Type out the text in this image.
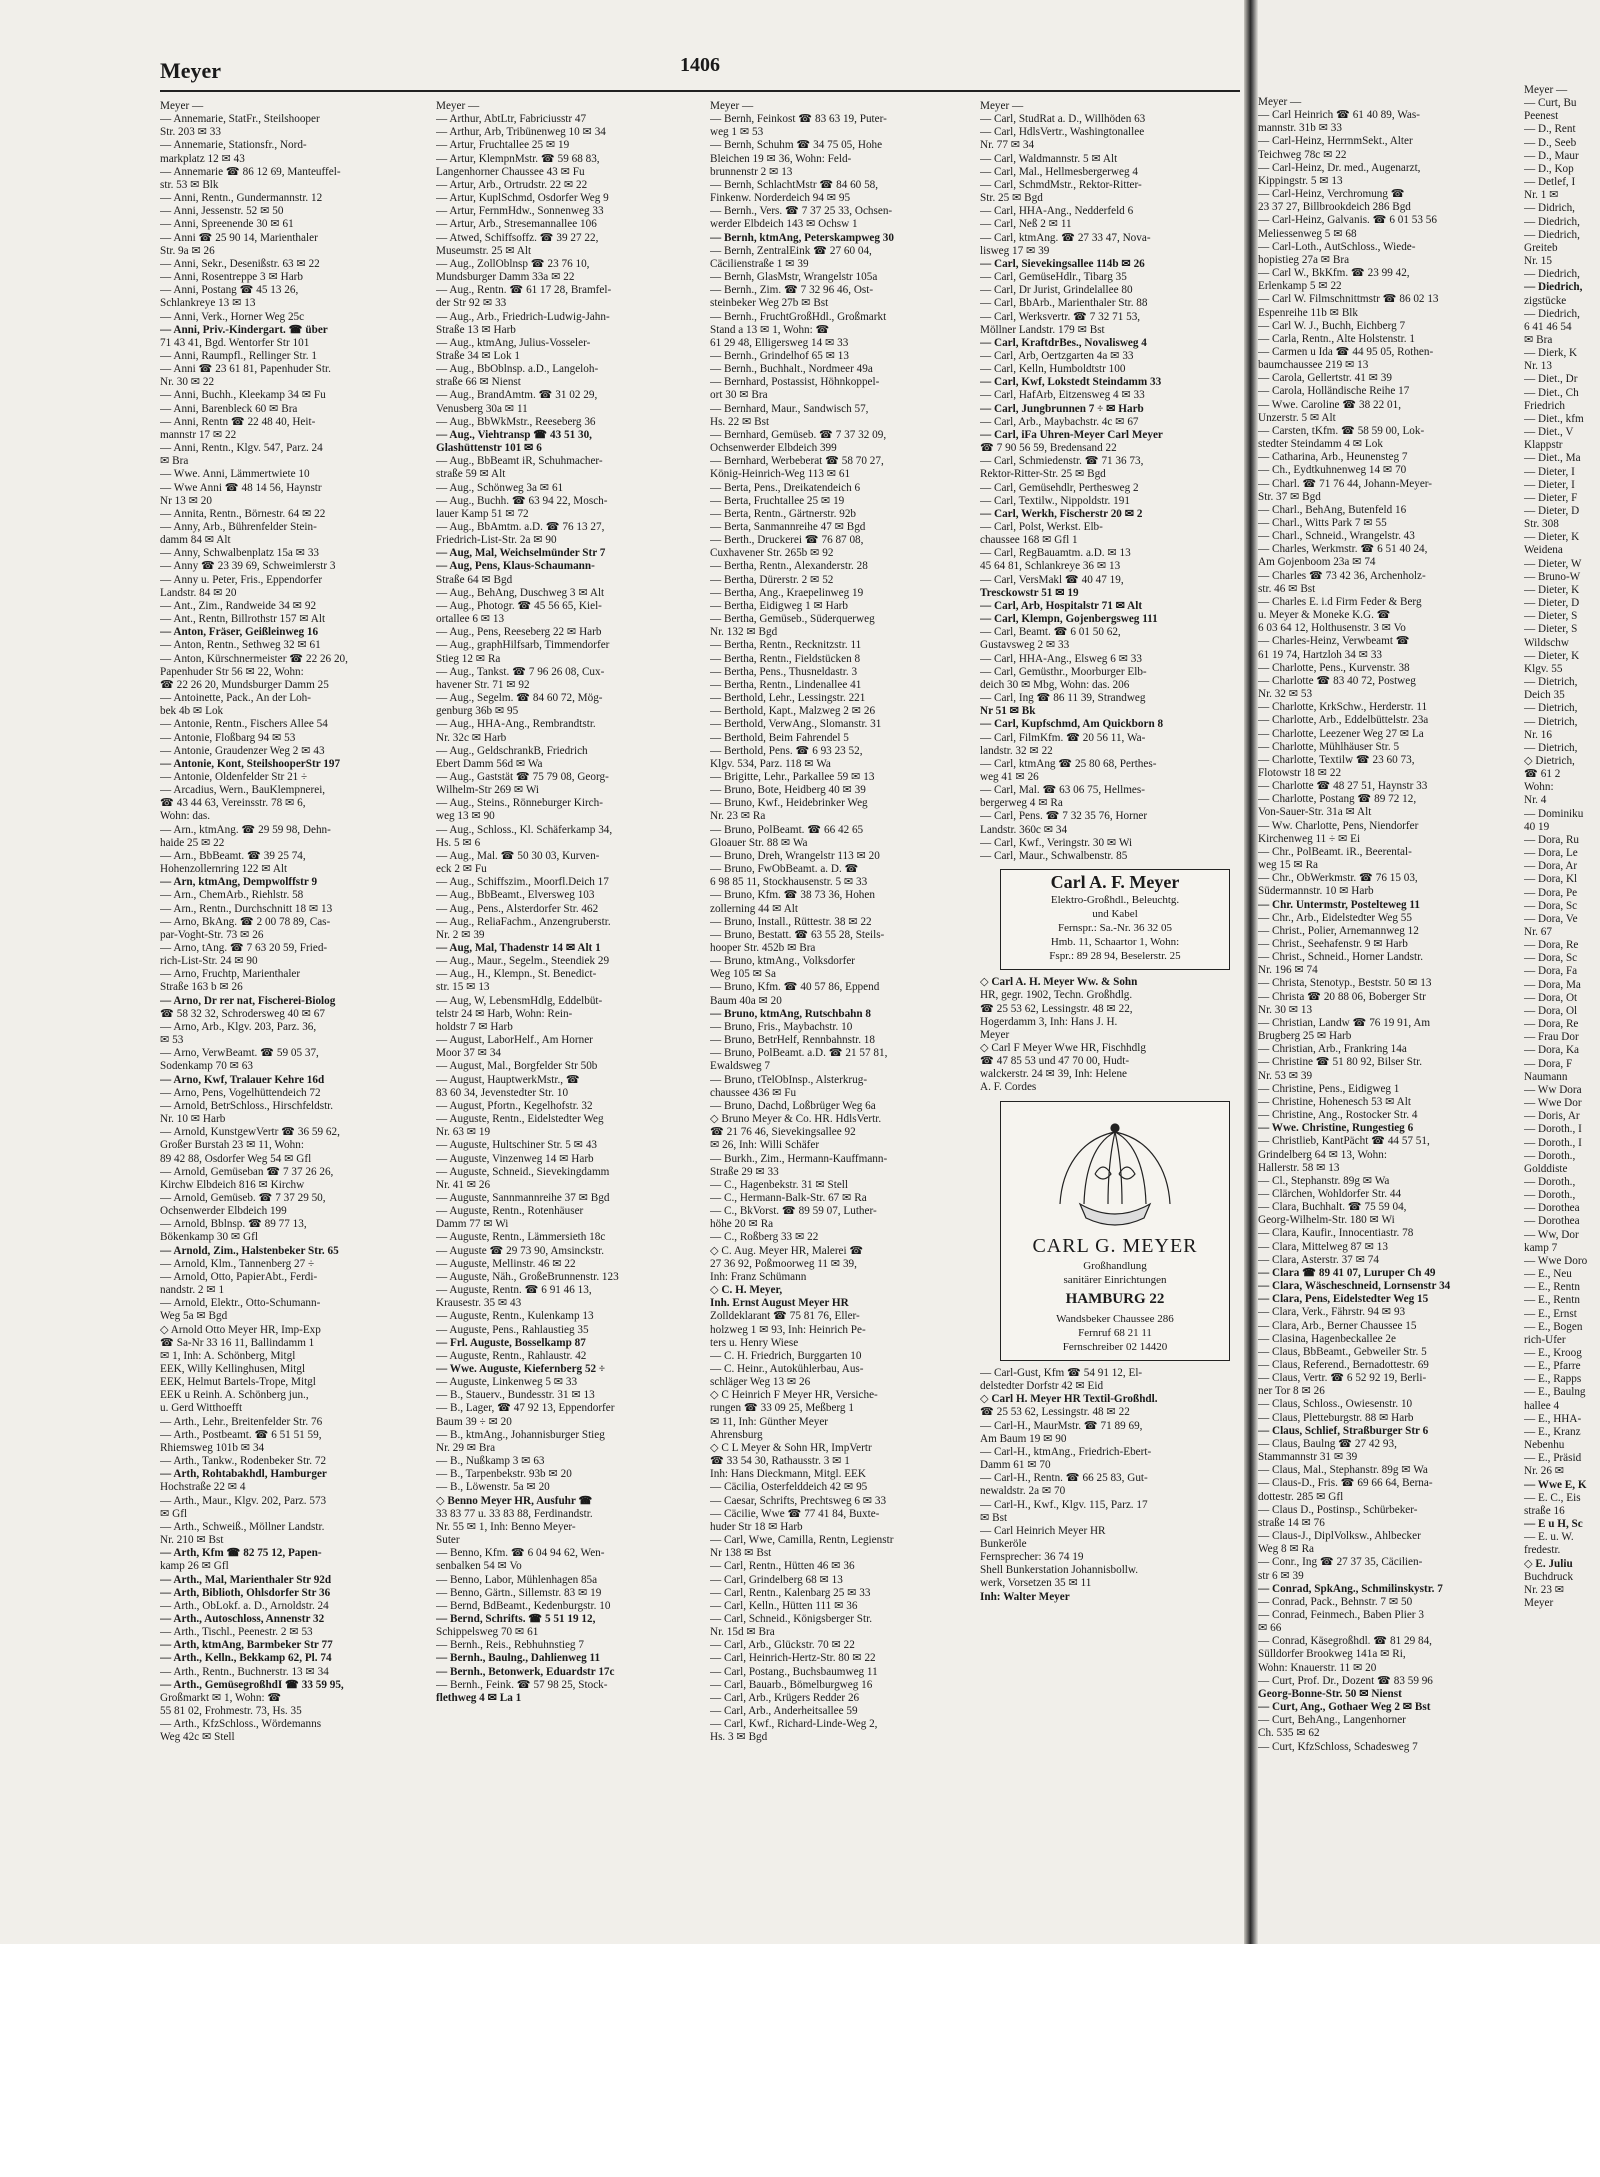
Meyer	1406
Meyer —
— Annemarie, StatFr., Steilshooper
Str. 203 ✉ 33
— Annemarie, Stationsfr., Nord-
markplatz 12 ✉ 43
— Annemarie ☎ 86 12 69, Manteuffel-
str. 53 ✉ Blk
— Anni, Rentn., Gundermannstr. 12
— Anni, Jessenstr. 52 ✉ 50
— Anni, Spreenende 30 ✉ 61
— Anni ☎ 25 90 14, Marienthaler
Str. 9a ✉ 26
— Anni, Sekr., Desenißstr. 63 ✉ 22
— Anni, Rosentreppe 3 ✉ Harb
— Anni, Postang ☎ 45 13 26,
Schlankreye 13 ✉ 13
— Anni, Verk., Horner Weg 25c
— Anni, Priv.-Kindergart. ☎ über
71 43 41, Bgd. Wentorfer Str 101
— Anni, Raumpfl., Rellinger Str. 1
— Anni ☎ 23 61 81, Papenhuder Str.
Nr. 30 ✉ 22
— Anni, Buchh., Kleekamp 34 ✉ Fu
— Anni, Barenbleck 60 ✉ Bra
— Anni, Rentn ☎ 22 48 40, Heit-
mannstr 17 ✉ 22
— Anni, Rentn., Klgv. 547, Parz. 24
✉ Bra
— Wwe. Anni, Lämmertwiete 10
— Wwe Anni ☎ 48 14 56, Haynstr
Nr 13 ✉ 20
— Annita, Rentn., Börnestr. 64 ✉ 22
— Anny, Arb., Bührenfelder Stein-
damm 84 ✉ Alt
— Anny, Schwalbenplatz 15a ✉ 33
— Anny ☎ 23 39 69, Schweimlerstr 3
— Anny u. Peter, Fris., Eppendorfer
Landstr. 84 ✉ 20
— Ant., Zim., Randweide 34 ✉ 92
— Ant., Rentn, Billrothstr 157 ✉ Alt
— Anton, Fräser, Geißleinweg 16
— Anton, Rentn., Sethweg 32 ✉ 61
— Anton, Kürschnermeister ☎ 22 26 20,
Papenhuder Str 56 ✉ 22, Wohn:
☎ 22 26 20, Mundsburger Damm 25
— Antoinette, Pack., An der Loh-
bek 4b ✉ Lok
— Antonie, Rentn., Fischers Allee 54
— Antonie, Floßbarg 94 ✉ 53
— Antonie, Graudenzer Weg 2 ✉ 43
— Antonie, Kont, SteilshooperStr 197
— Antonie, Oldenfelder Str 21 ÷
— Arcadius, Wern., BauKlempnerei,
☎ 43 44 63, Vereinsstr. 78 ✉ 6,
Wohn: das.
— Arn., ktmAng. ☎ 29 59 98, Dehn-
haide 25 ✉ 22
— Arn., BbBeamt. ☎ 39 25 74,
Hohenzollernring 122 ✉ Alt
— Arn, ktmAng, Dempwolffstr 9
— Arn., ChemArb., Riehlstr. 58
— Arn., Rentn., Durchschnitt 18 ✉ 13
— Arno, BkAng. ☎ 2 00 78 89, Cas-
par-Voght-Str. 73 ✉ 26
— Arno, tAng. ☎ 7 63 20 59, Fried-
rich-List-Str. 24 ✉ 90
— Arno, Fruchtp, Marienthaler
Straße 163 b ✉ 26
— Arno, Dr rer nat, Fischerei-Biolog
☎ 58 32 32, Schrodersweg 40 ✉ 67
— Arno, Arb., Klgv. 203, Parz. 36,
✉ 53
— Arno, VerwBeamt. ☎ 59 05 37,
Sodenkamp 70 ✉ 63
— Arno, Kwf, Tralauer Kehre 16d
— Arno, Pens, Vogelhüttendeich 72
— Arnold, BetrSchloss., Hirschfeldstr.
Nr. 10 ✉ Harb
— Arnold, KunstgewVertr ☎ 36 59 62,
Großer Burstah 23 ✉ 11, Wohn:
89 42 88, Osdorfer Weg 54 ✉ Gfl
— Arnold, Gemüseban ☎ 7 37 26 26,
Kirchw Elbdeich 816 ✉ Kirchw
— Arnold, Gemüseb. ☎ 7 37 29 50,
Ochsenwerder Elbdeich 199
— Arnold, Bblnsp. ☎ 89 77 13,
Bökenkamp 30 ✉ Gfl
— Arnold, Zim., Halstenbeker Str. 65
— Arnold, Klm., Tannenberg 27 ÷
— Arnold, Otto, PapierAbt., Ferdi-
nandstr. 2 ✉ 1
— Arnold, Elektr., Otto-Schumann-
Weg 5a ✉ Bgd
◇ Arnold Otto Meyer HR, Imp-Exp
☎ Sa-Nr 33 16 11, Ballindamm 1
✉ 1, Inh: A. Schönberg, Mitgl
EEK, Willy Kellinghusen, Mitgl
EEK, Helmut Bartels-Trope, Mitgl
EEK u Reinh. A. Schönberg jun.,
u. Gerd Witthoefft
— Arth., Lehr., Breitenfelder Str. 76
— Arth., Postbeamt. ☎ 6 51 51 59,
Rhiemsweg 101b ✉ 34
— Arth., Tankw., Rodenbeker Str. 72
— Arth, Rohtabakhdl, Hamburger
Hochstraße 22 ✉ 4
— Arth., Maur., Klgv. 202, Parz. 573
✉ Gfl
— Arth., Schweiß., Möllner Landstr.
Nr. 210 ✉ Bst
— Arth, Kfm ☎ 82 75 12, Papen-
kamp 26 ✉ Gfl
— Arth., Mal, Marienthaler Str 92d
— Arth, Biblioth, Ohlsdorfer Str 36
— Arth., ObLokf. a. D., Arnoldstr. 24
— Arth., Autoschloss, Annenstr 32
— Arth., Tischl., Peenestr. 2 ✉ 53
— Arth, ktmAng, Barmbeker Str 77
— Arth., Kelln., Bekkamp 62, Pl. 74
— Arth., Rentn., Buchnerstr. 13 ✉ 34
— Arth., GemüsegroßhdI ☎ 33 59 95,
Großmarkt ✉ 1, Wohn: ☎
55 81 02, Frohmestr. 73, Hs. 35
— Arth., KfzSchloss., Wördemanns
Weg 42c ✉ Stell
Meyer —
— Arthur, AbtLtr, Fabriciusstr 47
— Arthur, Arb, Tribünenweg 10 ✉ 34
— Artur, Fruchtallee 25 ✉ 19
— Artur, KlempnMstr. ☎ 59 68 83,
Langenhorner Chaussee 43 ✉ Fu
— Artur, Arb., Ortrudstr. 22 ✉ 22
— Artur, KuplSchmd, Osdorfer Weg 9
— Artur, FernmHdw., Sonnenweg 33
— Artur, Arb., Stresemannallee 106
— Atwed, Schiffsoffz. ☎ 39 27 22,
Museumstr. 25 ✉ Alt
— Aug., ZollOblnsp ☎ 23 76 10,
Mundsburger Damm 33a ✉ 22
— Aug., Rentn. ☎ 61 17 28, Bramfel-
der Str 92 ✉ 33
— Aug., Arb., Friedrich-Ludwig-Jahn-
Straße 13 ✉ Harb
— Aug., ktmAng, Julius-Vosseler-
Straße 34 ✉ Lok 1
— Aug., BbOblnsp. a.D., Langeloh-
straße 66 ✉ Nienst
— Aug., BrandAmtm. ☎ 31 02 29,
Venusberg 30a ✉ 11
— Aug., BbWkMstr., Reeseberg 36
— Aug., Viehtransp ☎ 43 51 30,
Glashüttenstr 101 ✉ 6
— Aug., BbBeamt iR, Schuhmacher-
straße 59 ✉ Alt
— Aug., Schönweg 3a ✉ 61
— Aug., Buchh. ☎ 63 94 22, Mosch-
lauer Kamp 51 ✉ 72
— Aug., BbAmtm. a.D. ☎ 76 13 27,
Friedrich-List-Str. 2a ✉ 90
— Aug, Mal, Weichselmünder Str 7
— Aug, Pens, Klaus-Schaumann-
Straße 64 ✉ Bgd
— Aug., BehAng, Duschweg 3 ✉ Alt
— Aug., Photogr. ☎ 45 56 65, Kiel-
ortallee 6 ✉ 13
— Aug., Pens, Reeseberg 22 ✉ Harb
— Aug., graphHilfsarb, Timmendorfer
Stieg 12 ✉ Ra
— Aug., Tankst. ☎ 7 96 26 08, Cux-
havener Str. 71 ✉ 92
— Aug., Segelm. ☎ 84 60 72, Mög-
genburg 36b ✉ 95
— Aug., HHA-Ang., Rembrandtstr.
Nr. 32c ✉ Harb
— Aug., GeldschrankB, Friedrich
Ebert Damm 56d ✉ Wa
— Aug., Gaststät ☎ 75 79 08, Georg-
Wilhelm-Str 269 ✉ Wi
— Aug., Steins., Rönneburger Kirch-
weg 13 ✉ 90
— Aug., Schloss., Kl. Schäferkamp 34,
Hs. 5 ✉ 6
— Aug., Mal. ☎ 50 30 03, Kurven-
eck 2 ✉ Fu
— Aug., Schiffszim., Moorfl.Deich 17
— Aug., BbBeamt., Elversweg 103
— Aug., Pens., Alsterdorfer Str. 462
— Aug., ReliaFachm., Anzengruberstr.
Nr. 2 ✉ 39
— Aug, Mal, Thadenstr 14 ✉ Alt 1
— Aug., Maur., Segelm., Steendiek 29
— Aug., H., Klempn., St. Benedict-
str. 15 ✉ 13
— Aug, W, LebensmHdlg, Eddelbüt-
telstr 24 ✉ Harb, Wohn: Rein-
holdstr 7 ✉ Harb
— August, LaborHelf., Am Horner
Moor 37 ✉ 34
— August, Mal., Borgfelder Str 50b
— August, HauptwerkMstr., ☎
83 60 34, Jevenstedter Str. 10
— August, Pfortn., Kegelhofstr. 32
— Auguste, Rentn., Eidelstedter Weg
Nr. 63 ✉ 19
— Auguste, Hultschiner Str. 5 ✉ 43
— Auguste, Vinzenweg 14 ✉ Harb
— Auguste, Schneid., Sievekingdamm
Nr. 41 ✉ 26
— Auguste, Sannmannreihe 37 ✉ Bgd
— Auguste, Rentn., Rotenhäuser
Damm 77 ✉ Wi
— Auguste, Rentn., Lämmersieth 18c
— Auguste ☎ 29 73 90, Amsinckstr.
— Auguste, Mellinstr. 46 ✉ 22
— Auguste, Näh., GroßeBrunnenstr. 123
— Auguste, Rentn. ☎ 6 91 46 13,
Krausestr. 35 ✉ 43
— Auguste, Rentn., Kulenkamp 13
— Auguste, Pens., Rahlaustieg 35
— Frl. Auguste, Bosselkamp 87
— Auguste, Rentn., Rahlaustr. 42
— Wwe. Auguste, Kiefernberg 52 ÷
— Auguste, Linkenweg 5 ✉ 33
— B., Stauerv., Bundesstr. 31 ✉ 13
— B., Lager, ☎ 47 92 13, Eppendorfer
Baum 39 ÷ ✉ 20
— B., ktmAng., Johannisburger Stieg
Nr. 29 ✉ Bra
— B., Nußkamp 3 ✉ 63
— B., Tarpenbekstr. 93b ✉ 20
— B., Löwenstr. 5a ✉ 20
◇ Benno Meyer HR, Ausfuhr ☎
33 83 77 u. 33 83 88, Ferdinandstr.
Nr. 55 ✉ 1, Inh: Benno Meyer-
Suter
— Benno, Kfm. ☎ 6 04 94 62, Wen-
senbalken 54 ✉ Vo
— Benno, Labor, Mühlenhagen 85a
— Benno, Gärtn., Sillemstr. 83 ✉ 19
— Bernd, BdBeamt., Kedenburgstr. 10
— Bernd, Schrifts. ☎ 5 51 19 12,
Schippelsweg 70 ✉ 61
— Bernh., Reis., Rebhuhnstieg 7
— Bernh., Baulng., Dahlienweg 11
— Bernh., Betonwerk, Eduardstr 17c
— Bernh., Feink. ☎ 57 98 25, Stock-
flethweg 4 ✉ La 1
Meyer —
— Bernh, Feinkost ☎ 83 63 19, Puter-
weg 1 ✉ 53
— Bernh, Schuhm ☎ 34 75 05, Hohe
Bleichen 19 ✉ 36, Wohn: Feld-
brunnenstr 2 ✉ 13
— Bernh, SchlachtMstr ☎ 84 60 58,
Finkenw. Norderdeich 94 ✉ 95
— Bernh., Vers. ☎ 7 37 25 33, Ochsen-
werder Elbdeich 143 ✉ Ochsw 1
— Bernh, ktmAng, Petersk​ampweg 30
— Bernh, ZentralEink ☎ 27 60 04,
Cäcilienstraße 1 ✉ 39
— Bernh, GlasMstr, Wrangelstr 105a
— Bernh., Zim. ☎ 7 32 96 46, Ost-
steinbeker Weg 27b ✉ Bst
— Bernh., FruchtGroßHdl., Großmarkt
Stand a 13 ✉ 1, Wohn: ☎
61 29 48, Elligersweg 14 ✉ 33
— Bernh., Grindelhof 65 ✉ 13
— Bernh., Buchhalt., Nordmeer 49a
— Bernhard, Postassist, Höhnkoppel-
ort 30 ✉ Bra
— Bernhard, Maur., Sandwisch 57,
Hs. 22 ✉ Bst
— Bernhard, Gemüseb. ☎ 7 37 32 09,
Ochsenwerder Elbdeich 399
— Bernhard, Werbeberat ☎ 58 70 27,
König-Heinrich-Weg 113 ✉ 61
— Berta, Pens., Dreikatendeich 6
— Berta, Fruchtallee 25 ✉ 19
— Berta, Rentn., Gärtnerstr. 92b
— Berta, Sanmannreihe 47 ✉ Bgd
— Berth., Druckerei ☎ 76 87 08,
Cuxhavener Str. 265b ✉ 92
— Bertha, Rentn., Alexanderstr. 28
— Bertha, Dürerstr. 2 ✉ 52
— Bertha, Ang., Kraepelinweg 19
— Bertha, Eidigweg 1 ✉ Harb
— Bertha, Gemüseb., Süderquerweg
Nr. 132 ✉ Bgd
— Bertha, Rentn., Recknitzstr. 11
— Bertha, Rentn., Fieldstücken 8
— Bertha, Pens., Thusneldastr. 3
— Bertha, Rentn., Lindenallee 41
— Berthold, Lehr., Lessingstr. 221
— Berthold, Kapt., Malzweg 2 ✉ 26
— Berthold, VerwAng., Slomanstr. 31
— Berthold, Beim Fahrendel 5
— Berthold, Pens. ☎ 6 93 23 52,
Klgv. 534, Parz. 118 ✉ Wa
— Brigitte, Lehr., Parkallee 59 ✉ 13
— Bruno, Bote, Heidberg 40 ✉ 39
— Bruno, Kwf., Heidebrinker Weg
Nr. 23 ✉ Ra
— Bruno, PolBeamt. ☎ 66 42 65
Gloauer Str. 88 ✉ Wa
— Bruno, Dreh, Wrangelstr 113 ✉ 20
— Bruno, FwObBeamt. a. D. ☎
6 98 85 11, Stockhausenstr. 5 ✉ 33
— Bruno, Kfm. ☎ 38 73 36, Hohen
zollerning 44 ✉ Alt
— Bruno, Install., Rüttestr. 38 ✉ 22
— Bruno, Bestatt. ☎ 63 55 28, Steils-
hooper Str. 452b ✉ Bra
— Bruno, ktmAng., Volksdorfer
Weg 105 ✉ Sa
— Bruno, Kfm. ☎ 40 57 86, Eppend
Baum 40a ✉ 20
— Bruno, ktmAng, Rutschbahn 8
— Bruno, Fris., Maybachstr. 10
— Bruno, BetrHelf, Rennbahnstr. 18
— Bruno, PolBeamt. a.D. ☎ 21 57 81,
Ewaldsweg 7
— Bruno, tTelObInsp., Alsterkrug-
chaussee 436 ✉ Fu
— Bruno, Dachd, Loßbrüger Weg 6a
◇ Bruno Meyer & Co. HR. HdlsVertr.
☎ 21 76 46, Sievekingsallee 92
✉ 26, Inh: Willi Schäfer
— Burkh., Zim., Hermann-Kauffmann-
Straße 29 ✉ 33
— C., Hagenbekstr. 31 ✉ Stell
— C., Hermann-Balk-Str. 67 ✉ Ra
— C., BkVorst. ☎ 89 59 07, Luther-
höhe 20 ✉ Ra
— C., Roßberg 33 ✉ 22
◇ C. Aug. Meyer HR, Malerei ☎
27 36 92, Poßmoorweg 11 ✉ 39,
Inh: Franz Schümann
◇ C. H. Meyer,
Inh. Ernst August Meyer HR
Zolldeklarant ☎ 75 81 76, Eller-
holzweg 1 ✉ 93, Inh: Heinrich Pe-
ters u. Henry Wiese
— C. H. Friedrich, Burggarten 10
— C. Heinr., Autokühlerbau, Aus-
schläger Weg 13 ✉ 26
◇ C Heinrich F Meyer HR, Versiche-
rungen ☎ 33 09 25, Meßberg 1
✉ 11, Inh: Günther Meyer
Ahrensburg
◇ C L Meyer & Sohn HR, ImpVertr
☎ 33 54 30, Rathausstr. 3 ✉ 1
Inh: Hans Dieckmann, Mitgl. EEK
— Cäcilia, Osterfelddeich 42 ✉ 95
— Caesar, Schrifts, Prechtsweg 6 ✉ 33
— Cäcilie, Wwe ☎ 77 41 84, Buxte-
huder Str 18 ✉ Harb
— Carl, Wwe, Camilla, Rentn, Legienstr
Nr 138 ✉ Bst
— Carl, Rentn., Hütten 46 ✉ 36
— Carl, Grindelberg 68 ✉ 13
— Carl, Rentn., Kalenbarg 25 ✉ 33
— Carl, Kelln., Hütten 111 ✉ 36
— Carl, Schneid., Königsberger Str.
Nr. 15d ✉ Bra
— Carl, Arb., Glückstr. 70 ✉ 22
— Carl, Heinrich-Hertz-Str. 80 ✉ 22
— Carl, Postang., Buchsbaumweg 11
— Carl, Bauarb., Bömelburgweg 16
— Carl, Arb., Krügers Redder 26
— Carl, Arb., Anderheitsallee 59
— Carl, Kwf., Richard-Linde-Weg 2,
Hs. 3 ✉ Bgd
Meyer —
— Carl, StudRat a. D., Willhöden 63
— Carl, HdlsVertr., Washingtonallee
Nr. 77 ✉ 34
— Carl, Waldmannstr. 5 ✉ Alt
— Carl, Mal., Hellmesbergerweg 4
— Carl, SchmdMstr., Rektor-Ritter-
Str. 25 ✉ Bgd
— Carl, HHA-Ang., Nedderfeld 6
— Carl, Neß 2 ✉ 11
— Carl, ktmAng. ☎ 27 33 47, Nova-
lisweg 17 ✉ 39
— Carl, Sievekingsallee 114b ✉ 26
— Carl, GemüseHdlr., Tibarg 35
— Carl, Dr Jurist, Grindelallee 80
— Carl, BbArb., Marienthaler Str. 88
— Carl, Werksvertr. ☎ 7 32 71 53,
Möllner Landstr. 179 ✉ Bst
— Carl, KraftdrBes., Novalisweg 4
— Carl, Arb, Oertzgarten 4a ✉ 33
— Carl, Kelln, Humboldtstr 100
— Carl, Kwf, Lokstedt Steindamm 33
— Carl, HafArb, Eitzensweg 4 ✉ 33
— Carl, Jungbrunnen 7 ÷ ✉ Harb
— Carl, Arb., Maybachstr. 4c ✉ 67
— Carl, iFa Uhren-Meyer Carl Meyer
☎ 7 90 56 59, Bredensand 22
— Carl, Schmiedenstr. ☎ 71 36 73,
Rektor-Ritter-Str. 25 ✉ Bgd
— Carl, Gemüsehdlr, Perthesweg 2
— Carl, Textilw., Nippoldstr. 191
— Carl, Werkh, Fischerstr 20 ✉ 2
— Carl, Polst, Werkst. Elb-
chaussee 168 ✉ Gfl 1
— Carl, RegBauamtm. a.D. ✉ 13
45 64 81, Schlankreye 36 ✉ 13
— Carl, VersMakl ☎ 40 47 19,
Tresckowstr 51 ✉ 19
— Carl, Arb, Hospitalstr 71 ✉ Alt
— Carl, Klempn, Gojenbergsweg 111
— Carl, Beamt. ☎ 6 01 50 62,
Gustavsweg 2 ✉ 33
— Carl, HHA-Ang., Elsweg 6 ✉ 33
— Carl, Gemüsthr., Moorburger Elb-
deich 30 ✉ Mbg, Wohn: das. 206
— Carl, Ing ☎ 86 11 39, Strandweg
Nr 51 ✉ Bk
— Carl, Kupfschmd, Am Quickborn 8
— Carl, FilmKfm. ☎ 20 56 11, Wa-
landstr. 32 ✉ 22
— Carl, ktmAng ☎ 25 80 68, Perthes-
weg 41 ✉ 26
— Carl, Mal. ☎ 63 06 75, Hellmes-
bergerweg 4 ✉ Ra
— Carl, Pens. ☎ 7 32 35 76, Horner
Landstr. 360c ✉ 34
— Carl, Kwf., Veringstr. 30 ✉ Wi
— Carl, Maur., Schwalbenstr. 85
Carl A. F. Meyer
Elektro-Großhdl., Beleuchtg.
und Kabel
Fernspr.: Sa.-Nr. 36 32 05
Hmb. 11, Schaartor 1, Wohn:
Fspr.: 89 28 94, Beselerstr. 25
◇ Carl A. H. Meyer Ww. & Sohn
HR, gegr. 1902, Techn. Großhdlg.
☎ 25 53 62, Lessingstr. 48 ✉ 22,
Hogerdamm 3, Inh: Hans J. H.
Meyer
◇ Carl F Meyer Wwe HR, Fischhdlg
☎ 47 85 53 und 47 70 00, Hudt-
walckerstr. 24 ✉ 39, Inh: Helene
A. F. Cordes
CARL G. MEYER
Großhandlung
sanitärer Einrichtungen
HAMBURG 22
Wandsbeker Chaussee 286
Fernruf 68 21 11
Fernschreiber 02 14420
— Carl-Gust, Kfm ☎ 54 91 12, El-
delstedter Dorfstr 42 ✉ Eid
◇ Carl H. Meyer HR Textil-Großhdl.
☎ 25 53 62, Lessingstr. 48 ✉ 22
— Carl-H., MaurMstr. ☎ 71 89 69,
Am Baum 19 ✉ 90
— Carl-H., ktmAng., Friedrich-Ebert-
Damm 61 ✉ 70
— Carl-H., Rentn. ☎ 66 25 83, Gut-
newaldstr. 2a ✉ 70
— Carl-H., Kwf., Klgv. 115, Parz. 17
✉ Bst
— Carl Heinrich Meyer HR
Bunkeröle
Fernsprecher: 36 74 19
Shell Bunkerstation Johannisbollw.
werk, Vorsetzen 35 ✉ 11
Inh: Walter Meyer
Meyer —
— Carl Heinrich ☎ 61 40 89, Was-
mannstr. 31b ✉ 33
— Carl-Heinz, HerrnmSekt., Alter
Teichweg 78c ✉ 22
— Carl-Heinz, Dr. med., Augenarzt,
Kippingstr. 5 ✉ 13
— Carl-Heinz, Verchromung ☎
23 37 27, Billbrookdeich 286 Bgd
— Carl-Heinz, Galvanis. ☎ 6 01 53 56
Meliessenweg 5 ✉ 68
— Carl-Loth., AutSchloss., Wiede-
hopistieg 27a ✉ Bra
— Carl W., BkKfm. ☎ 23 99 42,
Erlenkamp 5 ✉ 22
— Carl W. Filmschnittmstr ☎ 86 02 13
Espenreihe 11b ✉ Blk
— Carl W. J., Buchh, Eichberg 7
— Carla, Rentn., Alte Holstenstr. 1
— Carmen u Ida ☎ 44 95 05, Rothen-
baumchaussee 219 ✉ 13
— Carola, Gellertstr. 41 ✉ 39
— Carola, Holländische Reihe 17
— Wwe. Caroline ☎ 38 22 01,
Unzerstr. 5 ✉ Alt
— Carsten, tKfm. ☎ 58 59 00, Lok-
stedter Steindamm 4 ✉ Lok
— Catharina, Arb., Heunensteg 7
— Ch., Eydtkuhnenweg 14 ✉ 70
— Charl. ☎ 71 76 44, Johann-Meyer-
Str. 37 ✉ Bgd
— Charl., BehAng, Butenfeld 16
— Charl., Witts Park 7 ✉ 55
— Charl., Schneid., Wrangelstr. 43
— Charles, Werkmstr. ☎ 6 51 40 24,
Am Gojenboom 23a ✉ 74
— Charles ☎ 73 42 36, Archenholz-
str. 46 ✉ Bst
— Charles E. i.d Firm Feder & Berg
u. Meyer & Moneke K.G. ☎
6 03 64 12, Holthusenstr. 3 ✉ Vo
— Charles-Heinz, Verwbeamt ☎
61 19 74, Hartzloh 34 ✉ 33
— Charlotte, Pens., Kurvenstr. 38
— Charlotte ☎ 83 40 72, Postweg
Nr. 32 ✉ 53
— Charlotte, KrkSchw., Herderstr. 11
— Charlotte, Arb., Eddelbüttelstr. 23a
— Charlotte, Leezener Weg 27 ✉ La
— Charlotte, Mühlhäuser Str. 5
— Charlotte, Textilw ☎ 23 60 73,
Flotowstr 18 ✉ 22
— Charlotte ☎ 48 27 51, Haynstr 33
— Charlotte, Postang ☎ 89 72 12,
Von-Sauer-Str. 31a ✉ Alt
— Ww. Charlotte, Pens, Niendorfer
Kirchenweg 11 ÷ ✉ Ei
— Chr., PolBeamt. iR., Beerental-
weg 15 ✉ Ra
— Chr., ObWerkmstr. ☎ 76 15 03,
Südermannstr. 10 ✉ Harb
— Chr. Untermstr, Postelteweg 11
— Chr., Arb., Eidelstedter Weg 55
— Christ., Polier, Arnemannweg 12
— Christ., Seehafenstr. 9 ✉ Harb
— Christ., Schneid., Horner Landstr.
Nr. 196 ✉ 74
— Christa, Stenotyp., Beststr. 50 ✉ 13
— Christa ☎ 20 88 06, Boberger Str
Nr. 30 ✉ 13
— Christian, Landw ☎ 76 19 91, Am
Brugberg 25 ✉ Harb
— Christian, Arb., Frankring 14a
— Christine ☎ 51 80 92, Bilser Str.
Nr. 53 ✉ 39
— Christine, Pens., Eidigweg 1
— Christine, Hohenesch 53 ✉ Alt
— Christine, Ang., Rostocker Str. 4
— Wwe. Christine, Rungestieg 6
— Christlieb, KantPächt ☎ 44 57 51,
Grindelberg 64 ✉ 13, Wohn:
Hallerstr. 58 ✉ 13
— Cl., Stephanstr. 89g ✉ Wa
— Clärchen, Wohldorfer Str. 44
— Clara, Buchhalt. ☎ 75 59 04,
Georg-Wilhelm-Str. 180 ✉ Wi
— Clara, Kaufir., Innocentiastr. 78
— Clara, Mittelweg 87 ✉ 13
— Clara, Asterstr. 37 ✉ 74
— Clara ☎ 89 41 07, Luruper Ch 49
— Clara, Wäscheschneid, Lornsenstr 34
— Clara, Pens, Eidelstedter Weg 15
— Clara, Verk., Fährstr. 94 ✉ 93
— Clara, Arb., Berner Chaussee 15
— Clasina, Hagenbeckallee 2e
— Claus, BbBeamt., Gebweiler Str. 5
— Claus, Referend., Bernadottestr. 69
— Claus, Vertr. ☎ 6 52 92 19, Berli-
ner Tor 8 ✉ 26
— Claus, Schloss., Owiesenstr. 10
— Claus, Pletteburgstr. 88 ✉ Harb
— Claus, Schlief, Straßburger Str 6
— Claus, Baulng ☎ 27 42 93,
Stammannstr 31 ✉ 39
— Claus, Mal., Stephanstr. 89g ✉ Wa
— Claus-D., Fris. ☎ 69 66 64, Berna-
dottestr. 285 ✉ Gfl
— Claus D., Postinsp., Schürbeker-
straße 14 ✉ 76
— Claus-J., DiplVolksw., Ahlbecker
Weg 8 ✉ Ra
— Conr., Ing ☎ 27 37 35, Cäcilien-
str 6 ✉ 39
— Conrad, SpkAng., Schmilinskystr. 7
— Conrad, Pack., Behnstr. 7 ✉ 50
— Conrad, Feinmech., Baben Plier 3
✉ 66
— Conrad, Käsegroßhdl. ☎ 81 29 84,
Sülldorfer Brookweg 141a ✉ Ri,
Wohn: Knauerstr. 11 ✉ 20
— Curt, Prof. Dr., Dozent ☎ 83 59 96
Georg-Bonne-Str. 50 ✉ Nienst
— Curt, Ang., Gothaer Weg 2 ✉ Bst
— Curt, BehAng., Langenhorner
Ch. 535 ✉ 62
— Curt, KfzSchloss, Schadesweg 7
Meyer —
— Curt, Bu
Peenest
— D., Rent
— D., Seeb
— D., Maur
— D., Kop
— Detlef, I
Nr. 1 ✉
— Didrich,
— Diedrich,
— Diedrich,
Greiteb
Nr. 15
— Diedrich,
— Diedrich,
zigstücke
— Diedrich,
6 41 46 54
✉ Bra
— Dierk, K
Nr. 13
— Diet., Dr
— Diet., Ch
Friedrich
— Diet., kfm
— Diet., V
Klappstr
— Diet., Ma
— Dieter, I
— Dieter, I
— Dieter, F
— Dieter, D
Str. 308
— Dieter, K
Weidena
— Dieter, W
— Bruno-W
— Dieter, K
— Dieter, D
— Dieter, S
— Dieter, S
Wildschw
— Dieter, K
Klgv. 55
— Dietrich,
Deich 35
— Dietrich,
— Dietrich,
Nr. 16
— Dietrich,
◇ Dietrich,
☎ 61 2
Wohn:
Nr. 4
— Dominiku
40 19
— Dora, Ru
— Dora, Le
— Dora, Ar
— Dora, Kl
— Dora, Pe
— Dora, Sc
— Dora, Ve
Nr. 67
— Dora, Re
— Dora, Sc
— Dora, Fa
— Dora, Ma
— Dora, Ot
— Dora, Ol
— Dora, Re
— Frau Dor
— Dora, Ka
— Dora, F
Naumann
— Ww Dora
— Wwe Dor
— Doris, Ar
— Doroth., I
— Doroth., I
— Doroth.,
Golddiste
— Doroth.,
— Doroth.,
— Dorothea
— Dorothea
— Ww, Dor
kamp 7
— Wwe Doro
— E., Neu
— E., Rentn
— E., Rentn
— E., Ernst
— E., Bogen
rich-Ufer
— E., Kroog
— E., Pfarre
— E., Rapps
— E., Baulng
hallee 4
— E., HHA-
— E., Kranz
Nebenhu
— E., Präsid
Nr. 26 ✉
— Wwe E, K
— E. C., Eis
straße 16
— E u H, Sc
— E. u. W.
fredestr.
◇ E. Juliu
Buchdruck
Nr. 23 ✉
Meyer
